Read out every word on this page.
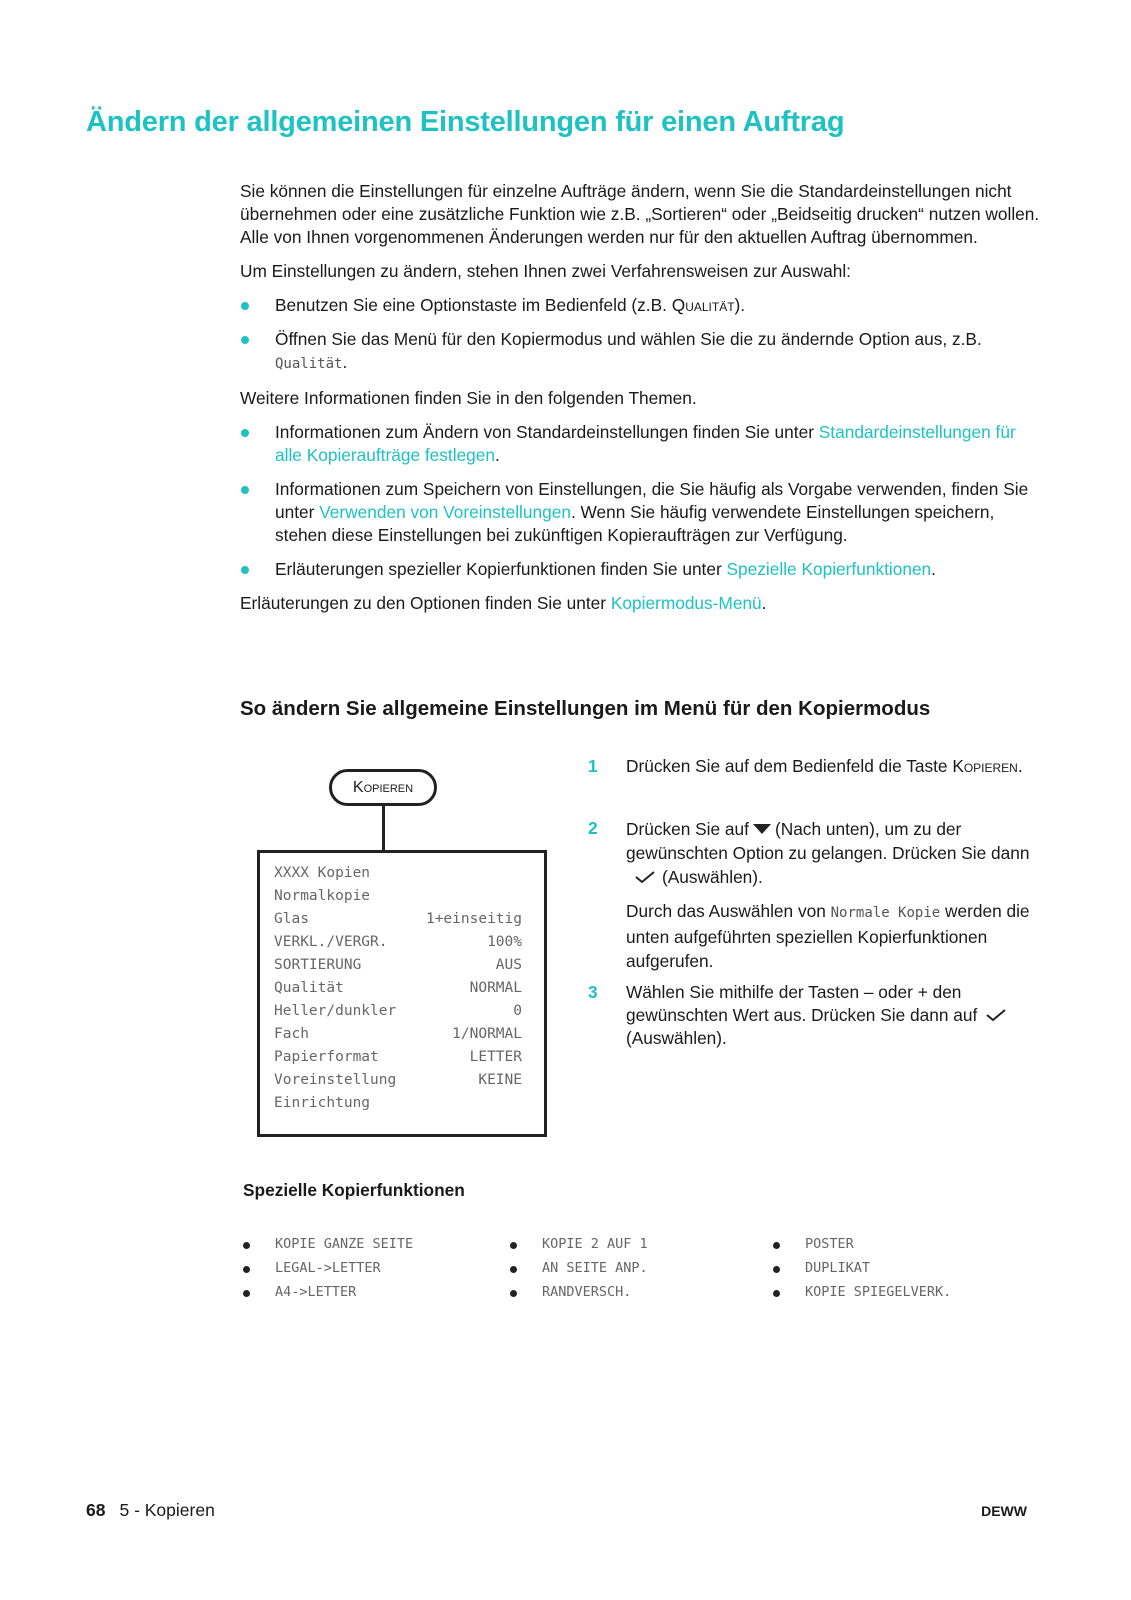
Ändern der allgemeinen Einstellungen für einen Auftrag

Sie können die Einstellungen für einzelne Aufträge ändern, wenn Sie die Standardeinstellungen nicht übernehmen oder eine zusätzliche Funktion wie z.B. „Sortieren“ oder „Beidseitig drucken“ nutzen wollen. Alle von Ihnen vorgenommenen Änderungen werden nur für den aktuellen Auftrag übernommen.

Um Einstellungen zu ändern, stehen Ihnen zwei Verfahrensweisen zur Auswahl:

Benutzen Sie eine Optionstaste im Bedienfeld (z.B. Qualität).
Öffnen Sie das Menü für den Kopiermodus und wählen Sie die zu ändernde Option aus, z.B. Qualität.

Weitere Informationen finden Sie in den folgenden Themen.

Informationen zum Ändern von Standardeinstellungen finden Sie unter Standardeinstellungen für alle Kopieraufträge festlegen.
Informationen zum Speichern von Einstellungen, die Sie häufig als Vorgabe verwenden, finden Sie unter Verwenden von Voreinstellungen. Wenn Sie häufig verwendete Einstellungen speichern, stehen diese Einstellungen bei zukünftigen Kopieraufträgen zur Verfügung.
Erläuterungen spezieller Kopierfunktionen finden Sie unter Spezielle Kopierfunktionen.

Erläuterungen zu den Optionen finden Sie unter Kopiermodus-Menü.

So ändern Sie allgemeine Einstellungen im Menü für den Kopiermodus
Kopieren
XXXX Kopien
Normalkopie
Glas	1+einseitig
VERKL./VERGR.	100%
SORTIERUNG	AUS
Qualität	NORMAL
Heller/dunkler	0
Fach	1/NORMAL
Papierformat	LETTER
Voreinstellung	KEINE
Einrichtung
1 Drücken Sie auf dem Bedienfeld die Taste Kopieren.
2 Drücken Sie auf (Nach unten), um zu der gewünschten Option zu gelangen. Drücken Sie dann(Auswählen).
Durch das Auswählen von Normale Kopie werden die unten aufgeführten speziellen Kopierfunktionen aufgerufen.
3 Wählen Sie mithilfe der Tasten – oder + den gewünschten Wert aus. Drücken Sie dann auf(Auswählen).
Spezielle Kopierfunktionen
KOPIE GANZE SEITE
LEGAL->LETTER
A4->LETTER
KOPIE 2 AUF 1
AN SEITE ANP.
RANDVERSCH.
POSTER
DUPLIKAT
KOPIE SPIEGELVERK.
68 5 - Kopieren	DEWW
